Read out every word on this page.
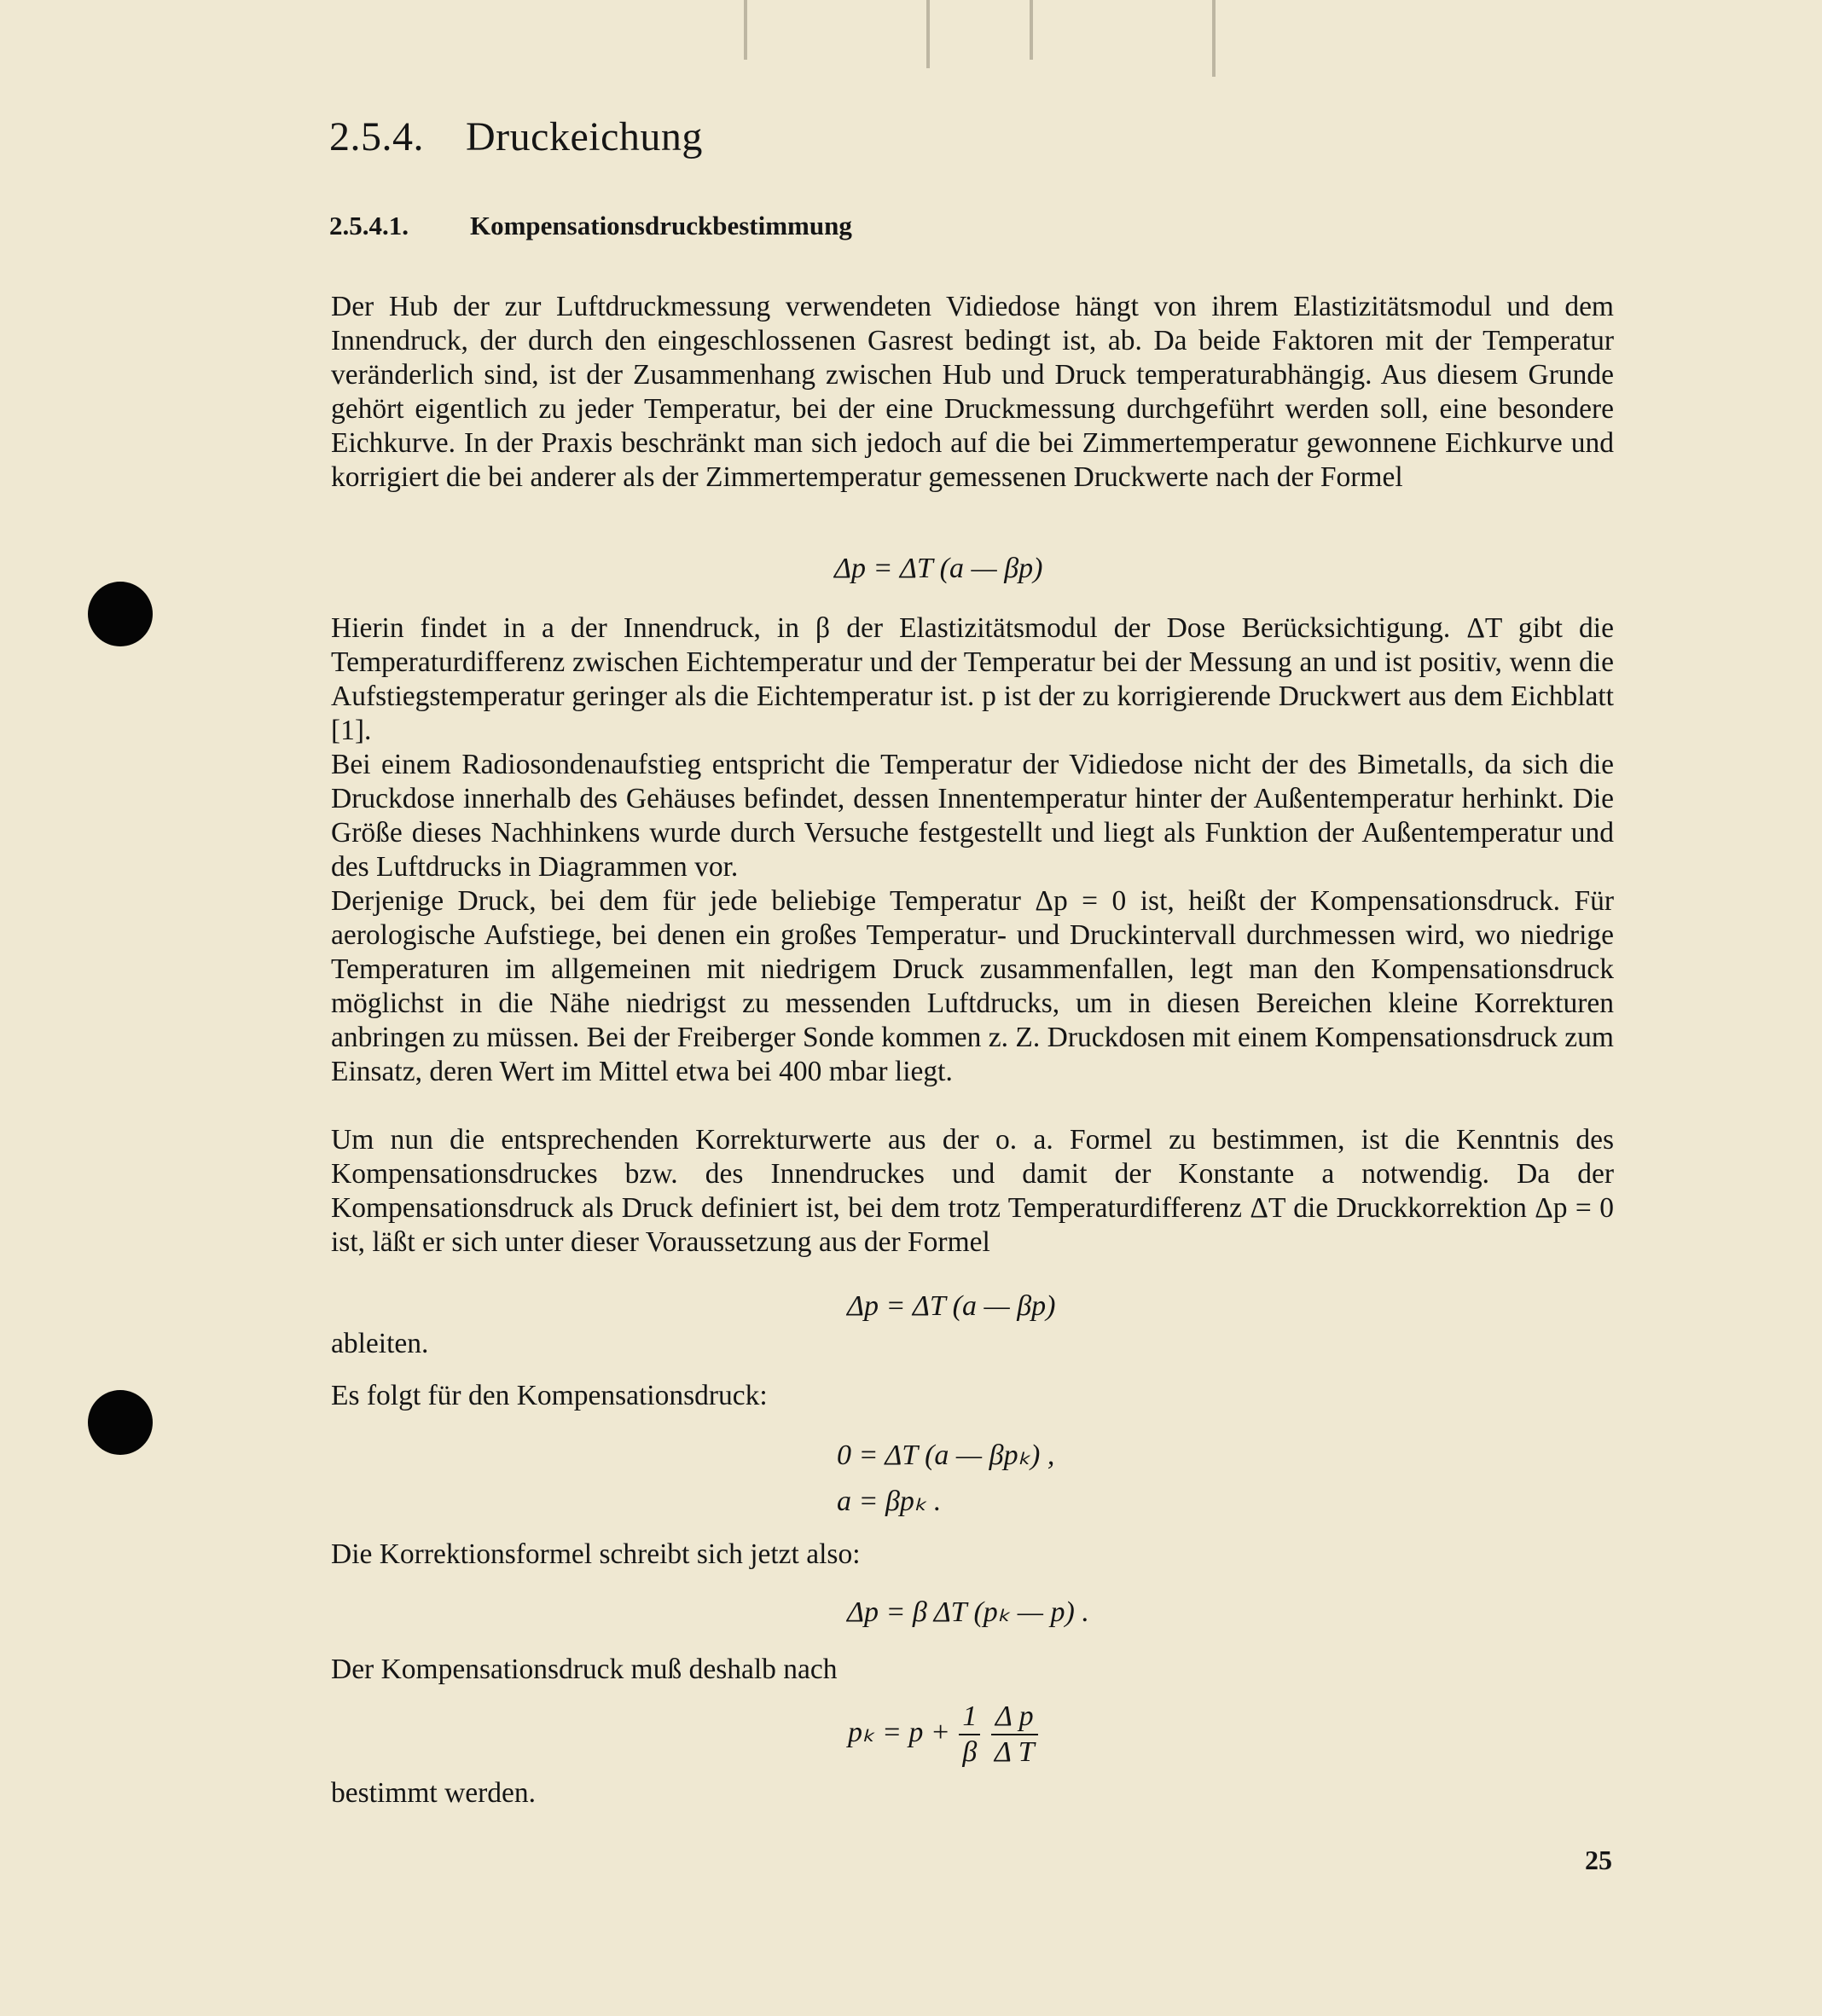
2.5.4. Druckeichung
2.5.4.1. Kompensationsdruckbestimmung

Der Hub der zur Luftdruckmessung verwendeten Vidiedose hängt von ihrem Elastizitätsmodul und dem Innendruck, der durch den eingeschlossenen Gasrest bedingt ist, ab. Da beide Faktoren mit der Temperatur veränderlich sind, ist der Zusammenhang zwischen Hub und Druck temperaturabhängig. Aus diesem Grunde gehört eigentlich zu jeder Temperatur, bei der eine Druckmessung durchgeführt werden soll, eine besondere Eichkurve. In der Praxis beschränkt man sich jedoch auf die bei Zimmertemperatur gewonnene Eichkurve und korrigiert die bei anderer als der Zimmertemperatur gemessenen Druckwerte nach der Formel

Δp = ΔT (a — βp)

Hierin findet in a der Innendruck, in β der Elastizitätsmodul der Dose Berücksichtigung. ΔT gibt die Temperaturdifferenz zwischen Eichtemperatur und der Temperatur bei der Messung an und ist positiv, wenn die Aufstiegstemperatur geringer als die Eichtemperatur ist. p ist der zu korrigierende Druckwert aus dem Eichblatt [1].

Bei einem Radiosondenaufstieg entspricht die Temperatur der Vidiedose nicht der des Bimetalls, da sich die Druckdose innerhalb des Gehäuses befindet, dessen Innentemperatur hinter der Außentemperatur herhinkt. Die Größe dieses Nachhinkens wurde durch Versuche festgestellt und liegt als Funktion der Außentemperatur und des Luftdrucks in Diagrammen vor.

Derjenige Druck, bei dem für jede beliebige Temperatur Δp = 0 ist, heißt der Kompensationsdruck. Für aerologische Aufstiege, bei denen ein großes Temperatur- und Druckintervall durchmessen wird, wo niedrige Temperaturen im allgemeinen mit niedrigem Druck zusammenfallen, legt man den Kompensationsdruck möglichst in die Nähe niedrigst zu messenden Luftdrucks, um in diesen Bereichen kleine Korrekturen anbringen zu müssen. Bei der Freiberger Sonde kommen z. Z. Druckdosen mit einem Kompensationsdruck zum Einsatz, deren Wert im Mittel etwa bei 400 mbar liegt.

Um nun die entsprechenden Korrekturwerte aus der o. a. Formel zu bestimmen, ist die Kenntnis des Kompensationsdruckes bzw. des Innendruckes und damit der Konstante a notwendig. Da der Kompensationsdruck als Druck definiert ist, bei dem trotz Temperaturdifferenz ΔT die Druckkorrektion Δp = 0 ist, läßt er sich unter dieser Voraussetzung aus der Formel

Δp = ΔT (a — βp)

ableiten.

Es folgt für den Kompensationsdruck:

0 = ΔT (a — βpₖ) ,
a = βpₖ .

Die Korrektionsformel schreibt sich jetzt also:

Δp = β ΔT (pₖ — p) .

Der Kompensationsdruck muß deshalb nach

$p_k = p + \frac{1}{\beta}$
$\frac{\text{Δ p}}{\text{Δ T}}$

bestimmt werden.

25
